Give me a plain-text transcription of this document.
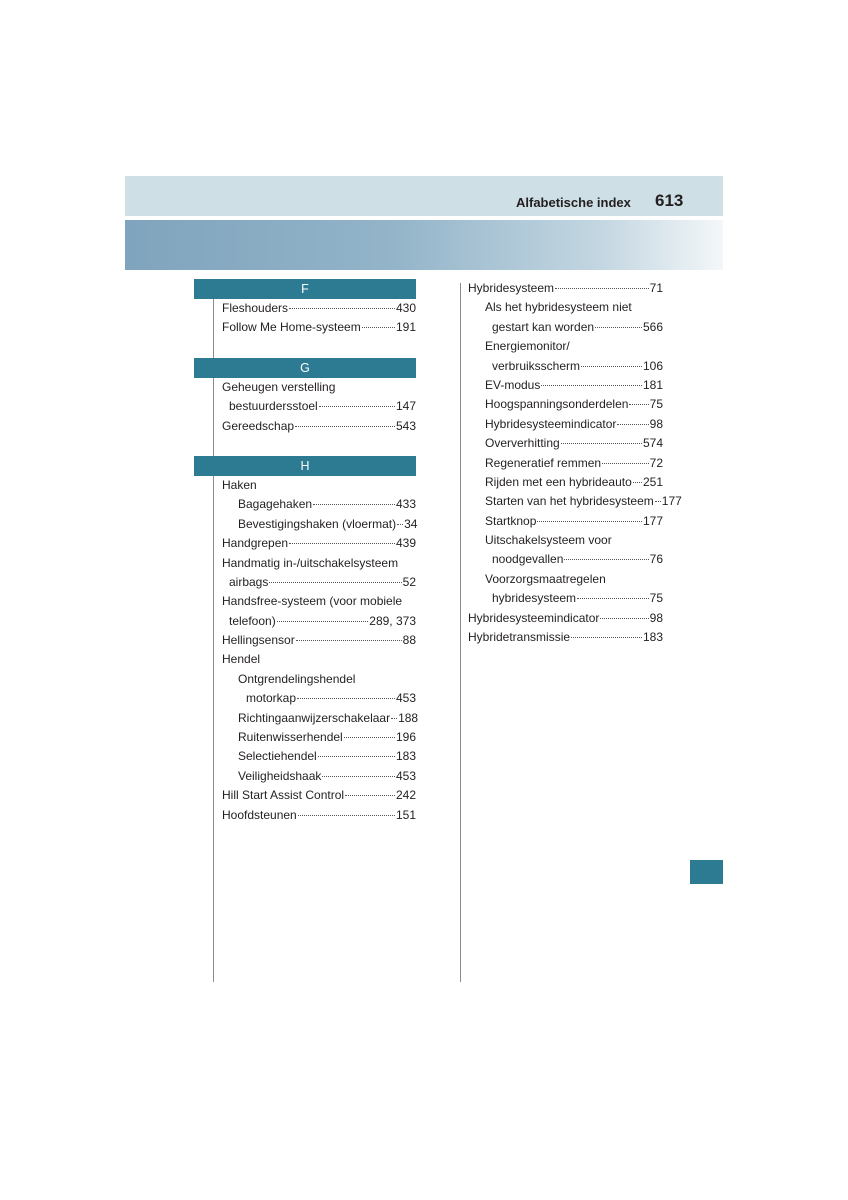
Alfabetische index 613
F
Fleshouders	430
Follow Me Home-systeem	191
G
Geheugen verstelling
bestuurdersstoel	147
Gereedschap	543
H
Haken
Bagagehaken	433
Bevestigingshaken (vloermat) 34
Handgrepen	439
Handmatig in-/uitschakelsysteem
airbags	52
Handsfree-systeem (voor mobiele
telefoon)	289, 373
Hellingsensor	88
Hendel
Ontgrendelingshendel
motorkap	453
Richtingaanwijzerschakelaar 188
Ruitenwisserhendel	196
Selectiehendel	183
Veiligheidshaak	453
Hill Start Assist Control	242
Hoofdsteunen	151
Hybridesysteem	71
Als het hybridesysteem niet
gestart kan worden	566
Energiemonitor/
verbruiksscherm	106
EV-modus	181
Hoogspanningsonderdelen 75
Hybridesysteemindicator	98
Oververhitting	574
Regeneratief remmen	72
Rijden met een hybrideauto 251
Starten van het hybridesysteem 177
Startknop	177
Uitschakelsysteem voor
noodgevallen	76
Voorzorgsmaatregelen
hybridesysteem	75
Hybridesysteemindicator	98
Hybridetransmissie	183
